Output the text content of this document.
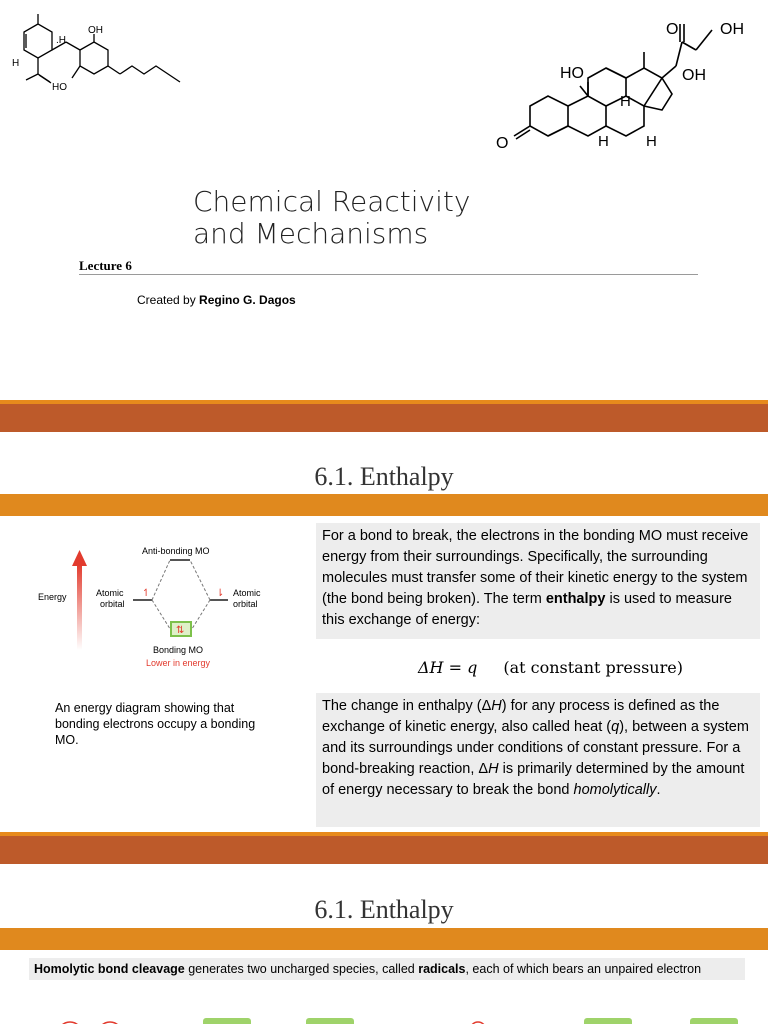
.H
OH
H
HO
O
O	OH
HO	OH
H
H H
Chemical Reactivity
and Mechanisms
Lecture 6
Created by Regino G. Dagos
6.1. Enthalpy
Energy
Anti-bonding MO
↿	⇂
⇅
Atomic
orbital
Atomic
orbital
Bonding MO
Lower in energy
An energy diagram showing that bonding electrons occupy a bonding MO.
For a bond to break, the electrons in the bonding MO must receive energy from their surroundings. Specifically, the surrounding molecules must transfer some of their kinetic energy to the system (the bond being broken). The term enthalpy is used to measure this exchange of energy:
ΔH = q (at constant pressure)
The change in enthalpy (ΔH) for any process is defined as the exchange of kinetic energy, also called heat (q), between a system and its surroundings under conditions of constant pressure. For a bond-breaking reaction, ΔH is primarily determined by the amount of energy necessary to break the bond homolytically.
6.1. Enthalpy
Homolytic bond cleavage generates two uncharged species, called radicals, each of which bears an unpaired electron
